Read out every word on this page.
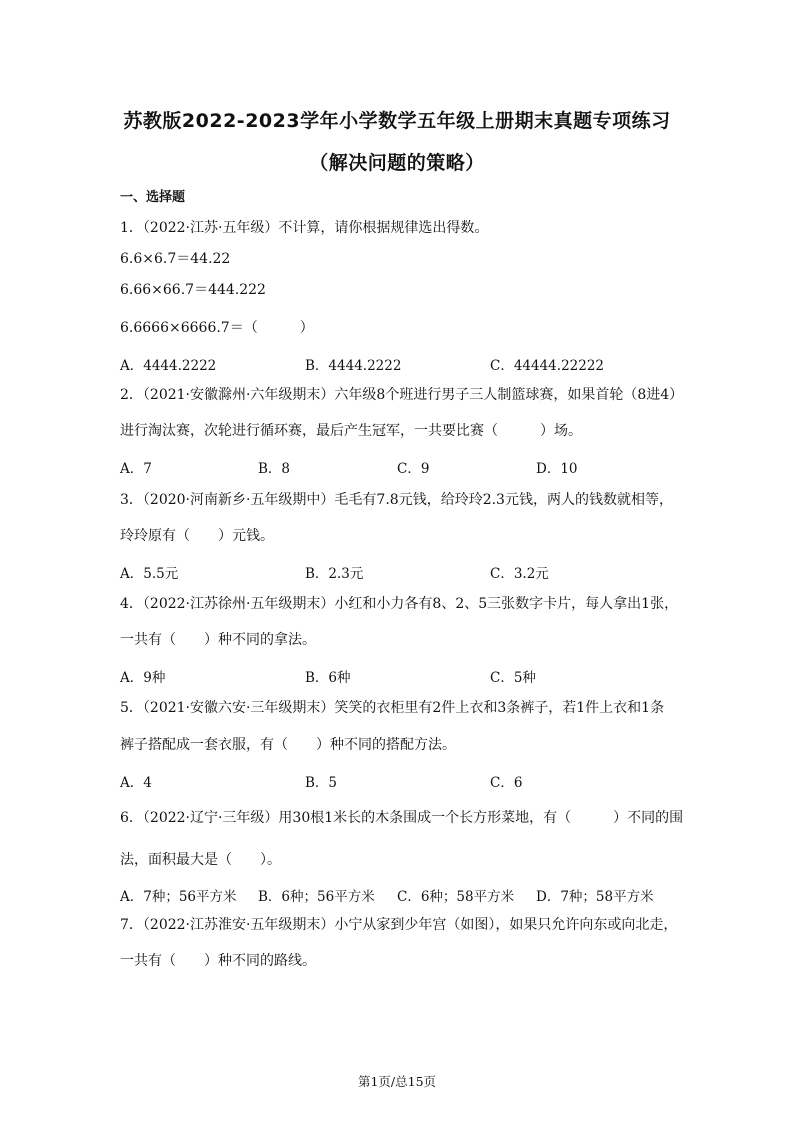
苏教版2022-2023学年小学数学五年级上册期末真题专项练习
（解决问题的策略）
一、选择题
1．（2022·江苏·五年级）不计算，请你根据规律选出得数。
6.6×6.7＝44.22
6.66×66.7＝444.222
6.6666×6666.7＝（　　　）
A．4444.2222	B．4444.2222	C．44444.22222
2．（2021·安徽滁州·六年级期末）六年级8个班进行男子三人制篮球赛，如果首轮（8进4）
进行淘汰赛，次轮进行循环赛，最后产生冠军，一共要比赛（　　　）场。
A．7	B．8	C．9	D．10
3．（2020·河南新乡·五年级期中）毛毛有7.8元钱，给玲玲2.3元钱，两人的钱数就相等，
玲玲原有（　　）元钱。
A．5.5元	B．2.3元	C．3.2元
4．（2022·江苏徐州·五年级期末）小红和小力各有8、2、5三张数字卡片，每人拿出1张，
一共有（　　）种不同的拿法。
A．9种	B．6种	C．5种
5．（2021·安徽六安·三年级期末）笑笑的衣柜里有2件上衣和3条裤子，若1件上衣和1条
裤子搭配成一套衣服，有（　　）种不同的搭配方法。
A．4	B．5	C．6
6．（2022·辽宁·三年级）用30根1米长的木条围成一个长方形菜地，有（　　　）不同的围
法，面积最大是（　　）。
A．7种；56平方米 B．6种；56平方米 C．6种；58平方米 D．7种；58平方米
7．（2022·江苏淮安·五年级期末）小宁从家到少年宫（如图），如果只允许向东或向北走，
一共有（　　）种不同的路线。
第1页/总15页
